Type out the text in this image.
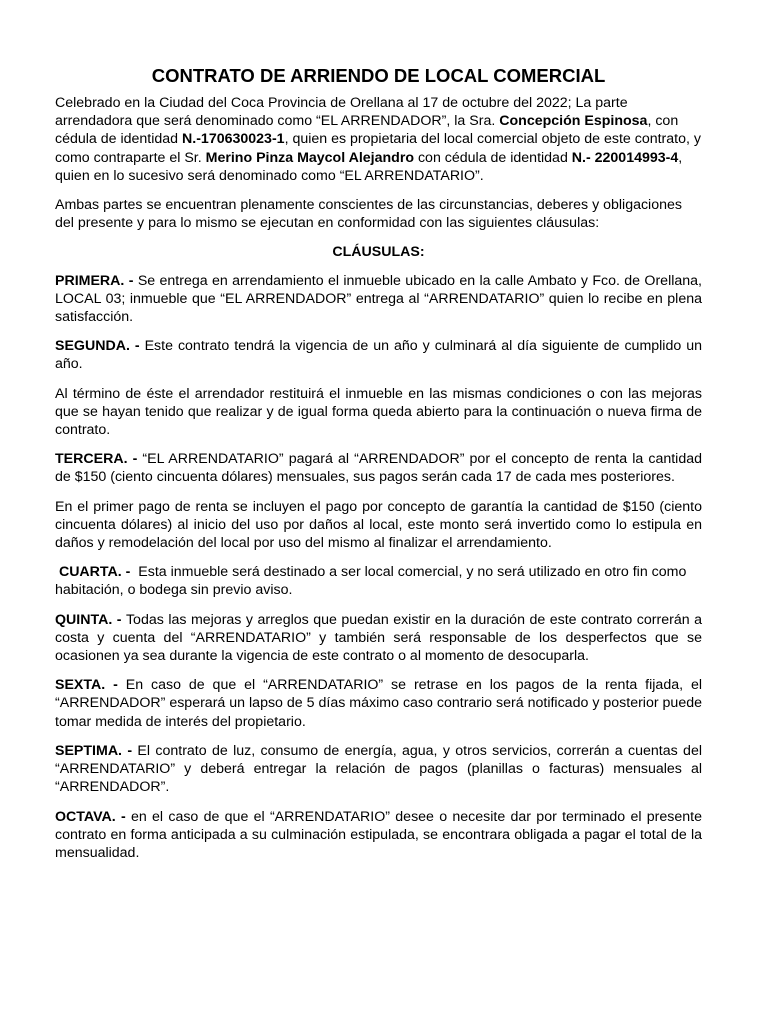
CONTRATO DE ARRIENDO DE LOCAL COMERCIAL

Celebrado en la Ciudad del Coca Provincia de Orellana al 17 de octubre del 2022; La parte arrendadora que será denominado como “EL ARRENDADOR”, la Sra. Concepción Espinosa, con cédula de identidad N.-170630023-1, quien es propietaria del local comercial objeto de este contrato, y como contraparte el Sr. Merino Pinza Maycol Alejandro con cédula de identidad N.- 220014993-4, quien en lo sucesivo será denominado como “EL ARRENDATARIO”.

Ambas partes se encuentran plenamente conscientes de las circunstancias, deberes y obligaciones del presente y para lo mismo se ejecutan en conformidad con las siguientes cláusulas:

CLÁUSULAS:

PRIMERA. - Se entrega en arrendamiento el inmueble ubicado en la calle Ambato y Fco. de Orellana, LOCAL 03; inmueble que “EL ARRENDADOR” entrega al “ARRENDATARIO” quien lo recibe en plena satisfacción.

SEGUNDA. - Este contrato tendrá la vigencia de un año y culminará al día siguiente de cumplido un año.

Al término de éste el arrendador restituirá el inmueble en las mismas condiciones o con las mejoras que se hayan tenido que realizar y de igual forma queda abierto para la continuación o nueva firma de contrato.

TERCERA. - “EL ARRENDATARIO” pagará al “ARRENDADOR” por el concepto de renta la cantidad de $150 (ciento cincuenta dólares) mensuales, sus pagos serán cada 17 de cada mes posteriores.

En el primer pago de renta se incluyen el pago por concepto de garantía la cantidad de $150 (ciento cincuenta dólares) al inicio del uso por daños al local, este monto será invertido como lo estipula en daños y remodelación del local por uso del mismo al finalizar el arrendamiento.

CUARTA. -  Esta inmueble será destinado a ser local comercial, y no será utilizado en otro fin como habitación, o bodega sin previo aviso.

QUINTA. - Todas las mejoras y arreglos que puedan existir en la duración de este contrato correrán a costa y cuenta del “ARRENDATARIO” y también será responsable de los desperfectos que se ocasionen ya sea durante la vigencia de este contrato o al momento de desocuparla.

SEXTA. - En caso de que el “ARRENDATARIO” se retrase en los pagos de la renta fijada, el “ARRENDADOR” esperará un lapso de 5 días máximo caso contrario será notificado y posterior puede tomar medida de interés del propietario.

SEPTIMA. - El contrato de luz, consumo de energía, agua, y otros servicios, correrán a cuentas del “ARRENDATARIO” y deberá entregar la relación de pagos (planillas o facturas) mensuales al “ARRENDADOR”.

OCTAVA. - en el caso de que el “ARRENDATARIO” desee o necesite dar por terminado el presente contrato en forma anticipada a su culminación estipulada, se encontrara obligada a pagar el total de la mensualidad.
